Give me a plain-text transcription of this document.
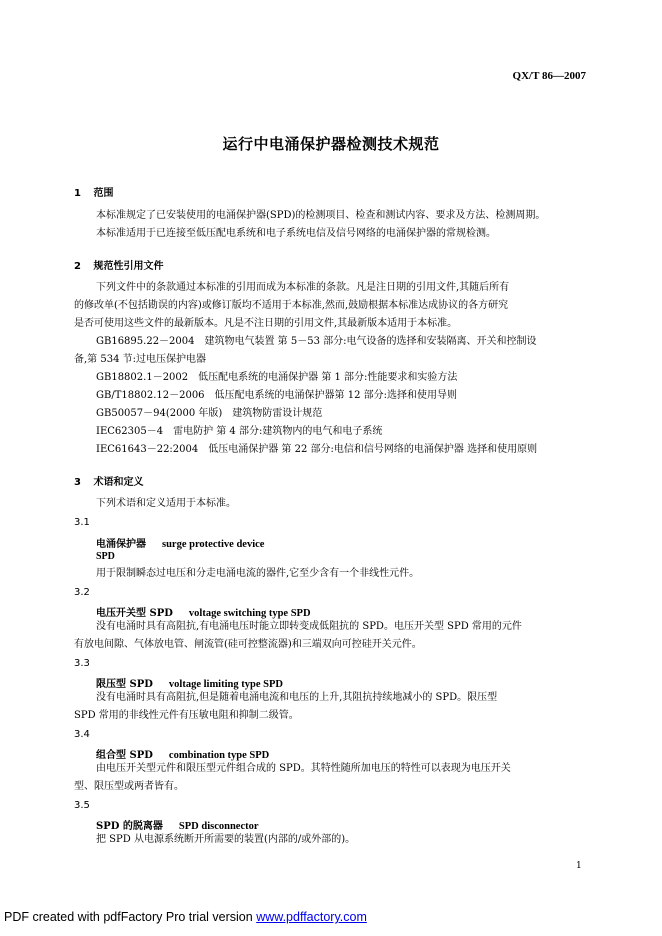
QX/T 86—2007
运行中电涌保护器检测技术规范
1 范围
本标准规定了已安装使用的电涌保护器(SPD)的检测项目、检查和测试内容、要求及方法、检测周期。
本标准适用于已连接至低压配电系统和电子系统电信及信号网络的电涌保护器的常规检测。
2 规范性引用文件
下列文件中的条款通过本标准的引用而成为本标准的条款。凡是注日期的引用文件,其随后所有
的修改单(不包括勘误的内容)或修订版均不适用于本标准,然而,鼓励根据本标准达成协议的各方研究
是否可使用这些文件的最新版本。凡是不注日期的引用文件,其最新版本适用于本标准。
GB16895.22－2004　建筑物电气装置 第 5－53 部分:电气设备的选择和安装隔离、开关和控制设
备,第 534 节:过电压保护电器
GB18802.1－2002　低压配电系统的电涌保护器 第 1 部分:性能要求和实验方法
GB/T18802.12－2006　低压配电系统的电涌保护器第 12 部分:选择和使用导则
GB50057－94(2000 年版)　建筑物防雷设计规范
IEC62305－4　雷电防护 第 4 部分:建筑物内的电气和电子系统
IEC61643－22:2004　低压电涌保护器 第 22 部分:电信和信号网络的电涌保护器 选择和使用原则
3 术语和定义
下列术语和定义适用于本标准。
3.1
电涌保护器 surge protective device
SPD
用于限制瞬态过电压和分走电涌电流的器件,它至少含有一个非线性元件。
3.2
电压开关型 SPD voltage switching type SPD
没有电涌时具有高阻抗,有电涌电压时能立即转变成低阻抗的 SPD。电压开关型 SPD 常用的元件
有放电间隙、气体放电管、闸流管(硅可控整流器)和三端双向可控硅开关元件。
3.3
限压型 SPD voltage limiting type SPD
没有电涌时具有高阻抗,但是随着电涌电流和电压的上升,其阻抗持续地减小的 SPD。限压型
SPD 常用的非线性元件有压敏电阻和抑制二级管。
3.4
组合型 SPD combination type SPD
由电压开关型元件和限压型元件组合成的 SPD。其特性随所加电压的特性可以表现为电压开关
型、限压型或两者皆有。
3.5
SPD 的脱离器 SPD disconnector
把 SPD 从电源系统断开所需要的装置(内部的/或外部的)。
1
PDF created with pdfFactory Pro trial version www.pdffactory.com
